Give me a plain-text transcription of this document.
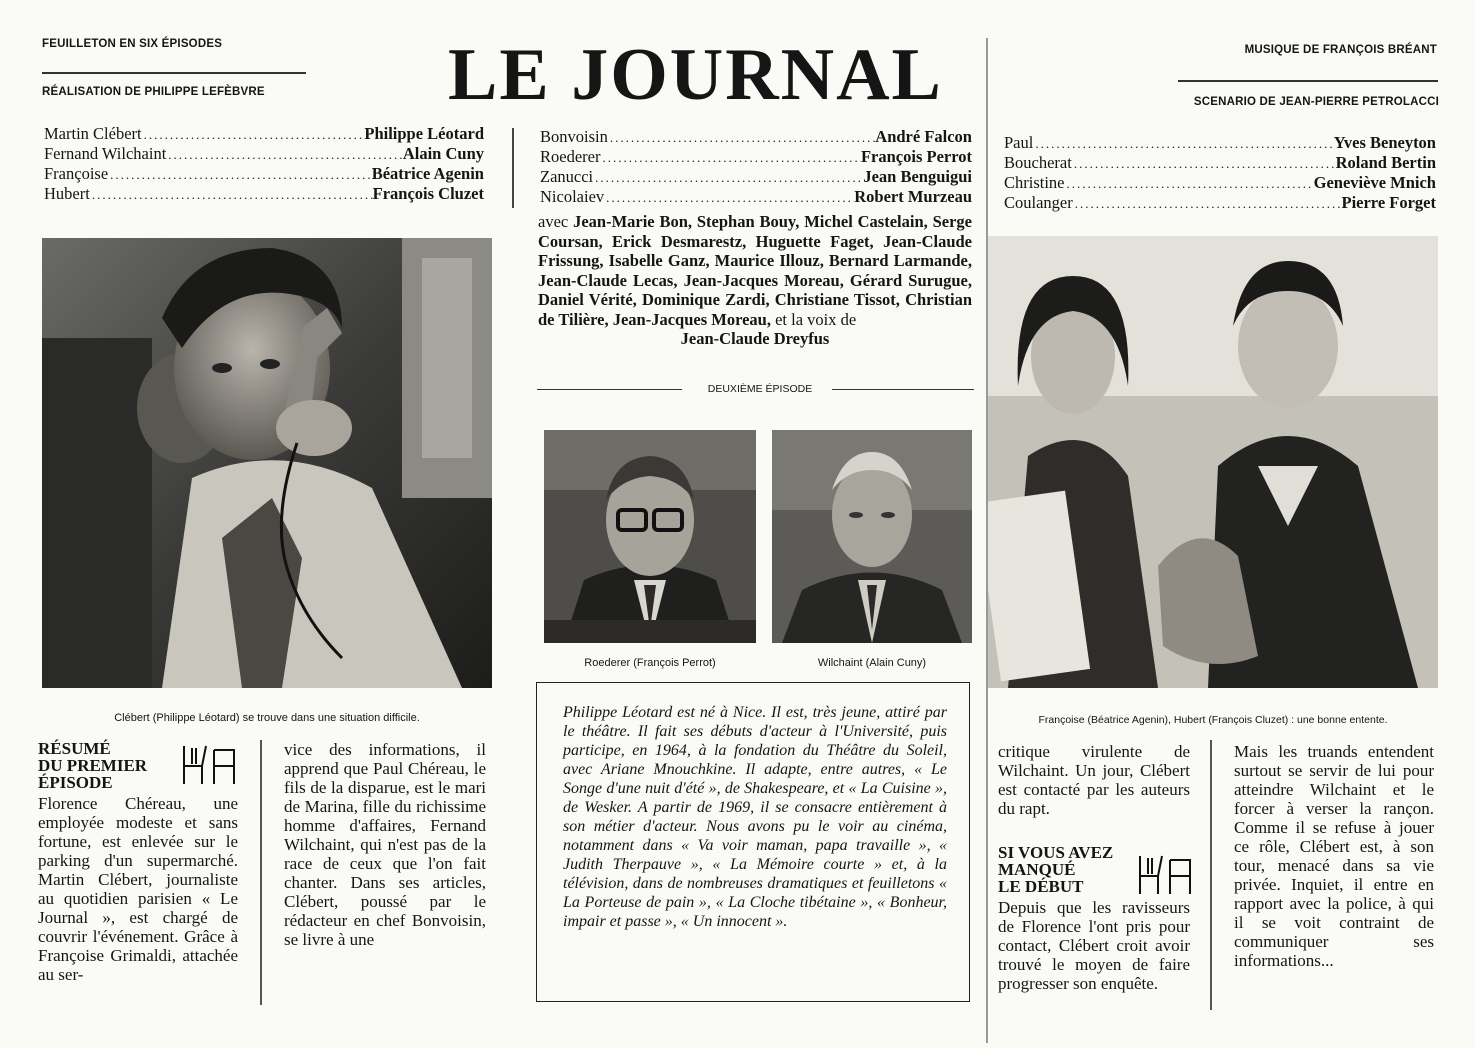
FEUILLETON EN SIX ÉPISODES
RÉALISATION DE PHILIPPE LEFÈBVRE LE JOURNAL	MUSIQUE DE FRANÇOIS BRÉANT
SCENARIO DE JEAN-PIERRE PETROLACCI
Martin Clébert .....	Philippe Léotard
Fernand Wilchaint .....	Alain Cuny
Françoise .....	Béatrice Agenin
Hubert .....	François Cluzet
Bonvoisin .....	André Falcon
Roederer .....	François Perrot
Zanucci .....	Jean Benguigui
Nicolaiev .....	Robert Murzeau
Paul .....	Yves Beneyton
Boucherat .....	Roland Bertin
Christine .....	Geneviève Mnich
Coulanger .....	Pierre Forget
avec Jean-Marie Bon, Stephan Bouy, Michel Castelain, Serge Coursan, Erick Desmarestz, Huguette Faget, Jean-Claude Frissung, Isabelle Ganz, Maurice Illouz, Bernard Larmande, Jean-Claude Lecas, Jean-Jacques Moreau, Gérard Surugue, Daniel Vérité, Dominique Zardi, Christiane Tissot, Christian de Tilière, Jean-Jacques Moreau, et la voix de
Jean-Claude Dreyfus
DEUXIÈME ÉPISODE
Clébert (Philippe Léotard) se trouve dans une situation difficile.
Roederer (François Perrot)	Wilchaint (Alain Cuny)
Françoise (Béatrice Agenin), Hubert (François Cluzet) : une bonne entente.
RÉSUMÉ
DU PREMIER
ÉPISODE
Florence Chéreau, une employée modeste et sans fortune, est enlevée sur le parking d'un supermarché. Martin Clébert, journaliste au quotidien parisien « Le Journal », est chargé de couvrir l'événement. Grâce à Françoise Grimaldi, attachée au ser-
vice des informations, il apprend que Paul Chéreau, le fils de la disparue, est le mari de Marina, fille du richissime homme d'affaires, Fernand Wilchaint, qui n'est pas de la race de ceux que l'on fait chanter. Dans ses articles, Clébert, poussé par le rédacteur en chef Bonvoisin, se livre à une
Philippe Léotard est né à Nice. Il est, très jeune, attiré par le théâtre. Il fait ses débuts d'acteur à l'Université, puis participe, en 1964, à la fondation du Théâtre du Soleil, avec Ariane Mnouchkine. Il adapte, entre autres, « Le Songe d'une nuit d'été », de Shakespeare, et « La Cuisine », de Wesker. A partir de 1969, il se consacre entièrement à son métier d'acteur. Nous avons pu le voir au cinéma, notamment dans « Va voir maman, papa travaille », « Judith Therpauve », « La Mémoire courte » et, à la télévision, dans de nombreuses dramatiques et feuilletons « La Porteuse de pain », « La Cloche tibétaine », « Bonheur, impair et passe », « Un innocent ».
critique virulente de Wilchaint. Un jour, Clébert est contacté par les auteurs du rapt.
SI VOUS AVEZ
MANQUÉ
LE DÉBUT
Depuis que les ravisseurs de Florence l'ont pris pour contact, Clébert croit avoir trouvé le moyen de faire progresser son enquête.
Mais les truands entendent surtout se servir de lui pour atteindre Wilchaint et le forcer à verser la rançon. Comme il se refuse à jouer ce rôle, Clébert est, à son tour, menacé dans sa vie privée. Inquiet, il entre en rapport avec la police, à qui il se voit contraint de communiquer ses informations...
